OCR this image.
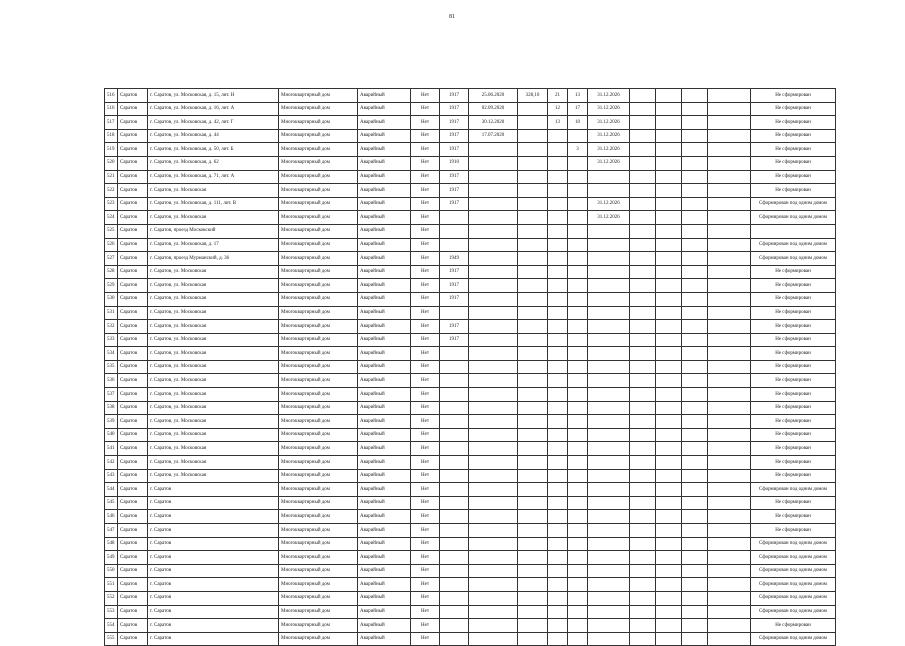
81
516	Саратов	г. Саратов, ул. Московская, д. 15, лит. Н	Многоквартирный дом	Аварийный	Нет	1917	25.06.2020	328,10	21	13	31.12.2026					Не сформирован
516	Саратов	г. Саратов, ул. Московская, д. 16, лит. А	Многоквартирный дом	Аварийный	Нет	1917	02.09.2020		12	17	31.12.2026					Не сформирован
517	Саратов	г. Саратов, ул. Московская, д. 42, лит. Г	Многоквартирный дом	Аварийный	Нет	1917	30.12.2020		13	10	31.12.2026					Не сформирован
518	Саратов	г. Саратов, ул. Московская, д. 44	Многоквартирный дом	Аварийный	Нет	1917	17.07.2020				31.12.2026					Не сформирован
519	Саратов	г. Саратов, ул. Московская, д. 50, лит. Б	Многоквартирный дом	Аварийный	Нет	1917				3	31.12.2026					Не сформирован
520	Саратов	г. Саратов, ул. Московская, д. 62	Многоквартирный дом	Аварийный	Нет	1910					31.12.2026					Не сформирован
521	Саратов	г. Саратов, ул. Московская, д. 71, лит. А	Многоквартирный дом	Аварийный	Нет	1917										Не сформирован
522	Саратов	г. Саратов, ул. Московская	Многоквартирный дом	Аварийный	Нет	1917										Не сформирован
523	Саратов	г. Саратов, ул. Московская, д. 111, лит. В	Многоквартирный дом	Аварийный	Нет	1917					31.12.2026					Сформирован под одним домом
524	Саратов	г. Саратов, ул. Московская	Многоквартирный дом	Аварийный	Нет						31.12.2026					Сформирован под одним домом
525	Саратов	г. Саратов, проезд Московский	Многоквартирный дом	Аварийный	Нет											
526	Саратов	г. Саратов, ул. Московская, д. 17	Многоквартирный дом	Аварийный	Нет											Сформирован под одним домом
527	Саратов	г. Саратов, проезд Мурманский, д. 36	Многоквартирный дом	Аварийный	Нет	1949										Сформирован под одним домом
528	Саратов	г. Саратов, ул. Московская	Многоквартирный дом	Аварийный	Нет	1917										Не сформирован
529	Саратов	г. Саратов, ул. Московская	Многоквартирный дом	Аварийный	Нет	1917										Не сформирован
530	Саратов	г. Саратов, ул. Московская	Многоквартирный дом	Аварийный	Нет	1917										Не сформирован
531	Саратов	г. Саратов, ул. Московская	Многоквартирный дом	Аварийный	Нет											Не сформирован
532	Саратов	г. Саратов, ул. Московская	Многоквартирный дом	Аварийный	Нет	1917										Не сформирован
533	Саратов	г. Саратов, ул. Московская	Многоквартирный дом	Аварийный	Нет	1917										Не сформирован
534	Саратов	г. Саратов, ул. Московская	Многоквартирный дом	Аварийный	Нет											Не сформирован
535	Саратов	г. Саратов, ул. Московская	Многоквартирный дом	Аварийный	Нет											Не сформирован
536	Саратов	г. Саратов, ул. Московская	Многоквартирный дом	Аварийный	Нет											Не сформирован
537	Саратов	г. Саратов, ул. Московская	Многоквартирный дом	Аварийный	Нет											Не сформирован
538	Саратов	г. Саратов, ул. Московская	Многоквартирный дом	Аварийный	Нет											Не сформирован
539	Саратов	г. Саратов, ул. Московская	Многоквартирный дом	Аварийный	Нет											Не сформирован
540	Саратов	г. Саратов, ул. Московская	Многоквартирный дом	Аварийный	Нет											Не сформирован
541	Саратов	г. Саратов, ул. Московская	Многоквартирный дом	Аварийный	Нет											Не сформирован
542	Саратов	г. Саратов, ул. Московская	Многоквартирный дом	Аварийный	Нет											Не сформирован
543	Саратов	г. Саратов, ул. Московская	Многоквартирный дом	Аварийный	Нет											Не сформирован
544	Саратов	г. Саратов	Многоквартирный дом	Аварийный	Нет											Сформирован под одним домом
545	Саратов	г. Саратов	Многоквартирный дом	Аварийный	Нет											Не сформирован
546	Саратов	г. Саратов	Многоквартирный дом	Аварийный	Нет											Не сформирован
547	Саратов	г. Саратов	Многоквартирный дом	Аварийный	Нет											Не сформирован
548	Саратов	г. Саратов	Многоквартирный дом	Аварийный	Нет											Сформирован под одним домом
549	Саратов	г. Саратов	Многоквартирный дом	Аварийный	Нет											Сформирован под одним домом
550	Саратов	г. Саратов	Многоквартирный дом	Аварийный	Нет											Сформирован под одним домом
551	Саратов	г. Саратов	Многоквартирный дом	Аварийный	Нет											Сформирован под одним домом
552	Саратов	г. Саратов	Многоквартирный дом	Аварийный	Нет											Сформирован под одним домом
553	Саратов	г. Саратов	Многоквартирный дом	Аварийный	Нет											Сформирован под одним домом
554	Саратов	г. Саратов	Многоквартирный дом	Аварийный	Нет											Не сформирован
555	Саратов	г. Саратов	Многоквартирный дом	Аварийный	Нет											Сформирован под одним домом
